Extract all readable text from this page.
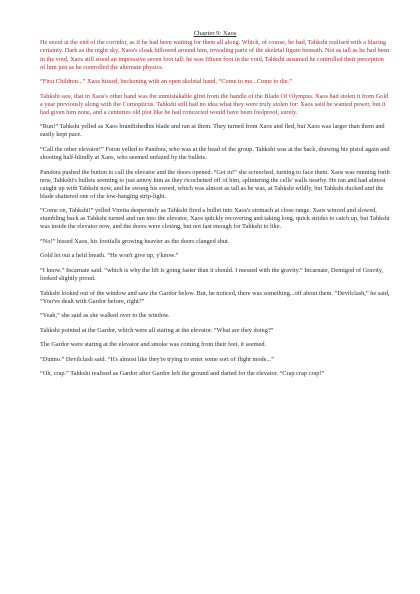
Chapter 9: Xaos

He stood at the end of the corridor, as if he had been waiting for them all along. Which, of course, he had, Tahkshi realised with a blazing certainty. Dark as the night sky, Xaos's cloak billowed around him, revealing parts of the skeletal figure beneath. Not as tall as he had been in the void, Xaos still stood an impressive seven foot tall: he was fifteen foot in the void, Tahkshi assumed he controlled their perception of him just as he controlled the alternate physics.

“First Children...” Xaos hissed, beckoning with an open skeletal hand, “Come to me...Come to die.”

Tahkshi saw, that in Xaos's other hand was the unmistakable glint from the handle of the Blade Of Olympus. Xaos had stolen it from Gold a year previously along with the Cornopticus. Tahkshi still had no idea what they were truly stolen for: Xaos said he wanted power, but it had given him none, and a centuries old plot like he had concocted would have been foolproof, surely.

“Run!” Tahkshi yelled as Xaos brandishedhis blade and ran at them. They turned from Xaos and fled, but Xaos was larger than them and easily kept pace.

“Call the other elevator!” Foton yelled to Pandora, who was at the head of the group. Tahkshi was at the back, drawing his pistol again and shooting half-blindly at Xaos, who seemed unfazed by the bullets.

Pandora pushed the button to call the elevator and the doors opened. “Get in!” she screeched, turning to face them. Xaos was running forth now, Tahkshi's bullets seeming to just annoy him as they ricochetted off of him, splintering the cells' walls nearby. He ran and had almost caught up with Tahkshi now, and he swung his sword, which was almost as tall as he was, at Tahkshi wildly, but Tahkshi ducked and the blade shattered one of the low-hanging strip-light.

“Come on, Tahkshi!” yelled Viretta desperately as Tahkshi fired a bullet into Xaos's stomach at close range. Xaos winced and slowed, stumbling back as Tahkshi turned and ran into the elevator, Xaos quickly recovering and taking long, quick strides to catch up, but Tahkshi was inside the elevator now, and the doors were closing, but not fast enough for Tahkshi to like.

“No!” hissed Xaos, his footfalls growing heavier as the doors clanged shut.

Gold let out a held breath. “He won't give up, y'know.”

“I know.” Incarnate said. “which is why the lift is going faster than it should. I messed with the gravity.” Incarnate, Demigod of Gravity, looked slightly proud.

Tahkshi looked out of the window and saw the Gardor below. But, he noticed, there was something...off about them. “Devilclash,” he said, “You've dealt with Gardor before, right?”

“Yeah,” she said as she walked over to the window.

Tahkshi pointed at the Gardor, which were all staring at the elevator. “What are they doing?”

The Gardor were staring at the elevator and smoke was coming from their feet, it seemed.

“Dunno.” Devilclash said. “It's almost like they're trying to enter some sort of flight mode...”

“Oh, crap.” Tahkshi realised as Gardor after Gardor left the ground and darted for the elevator. “Crap crap crap!”
